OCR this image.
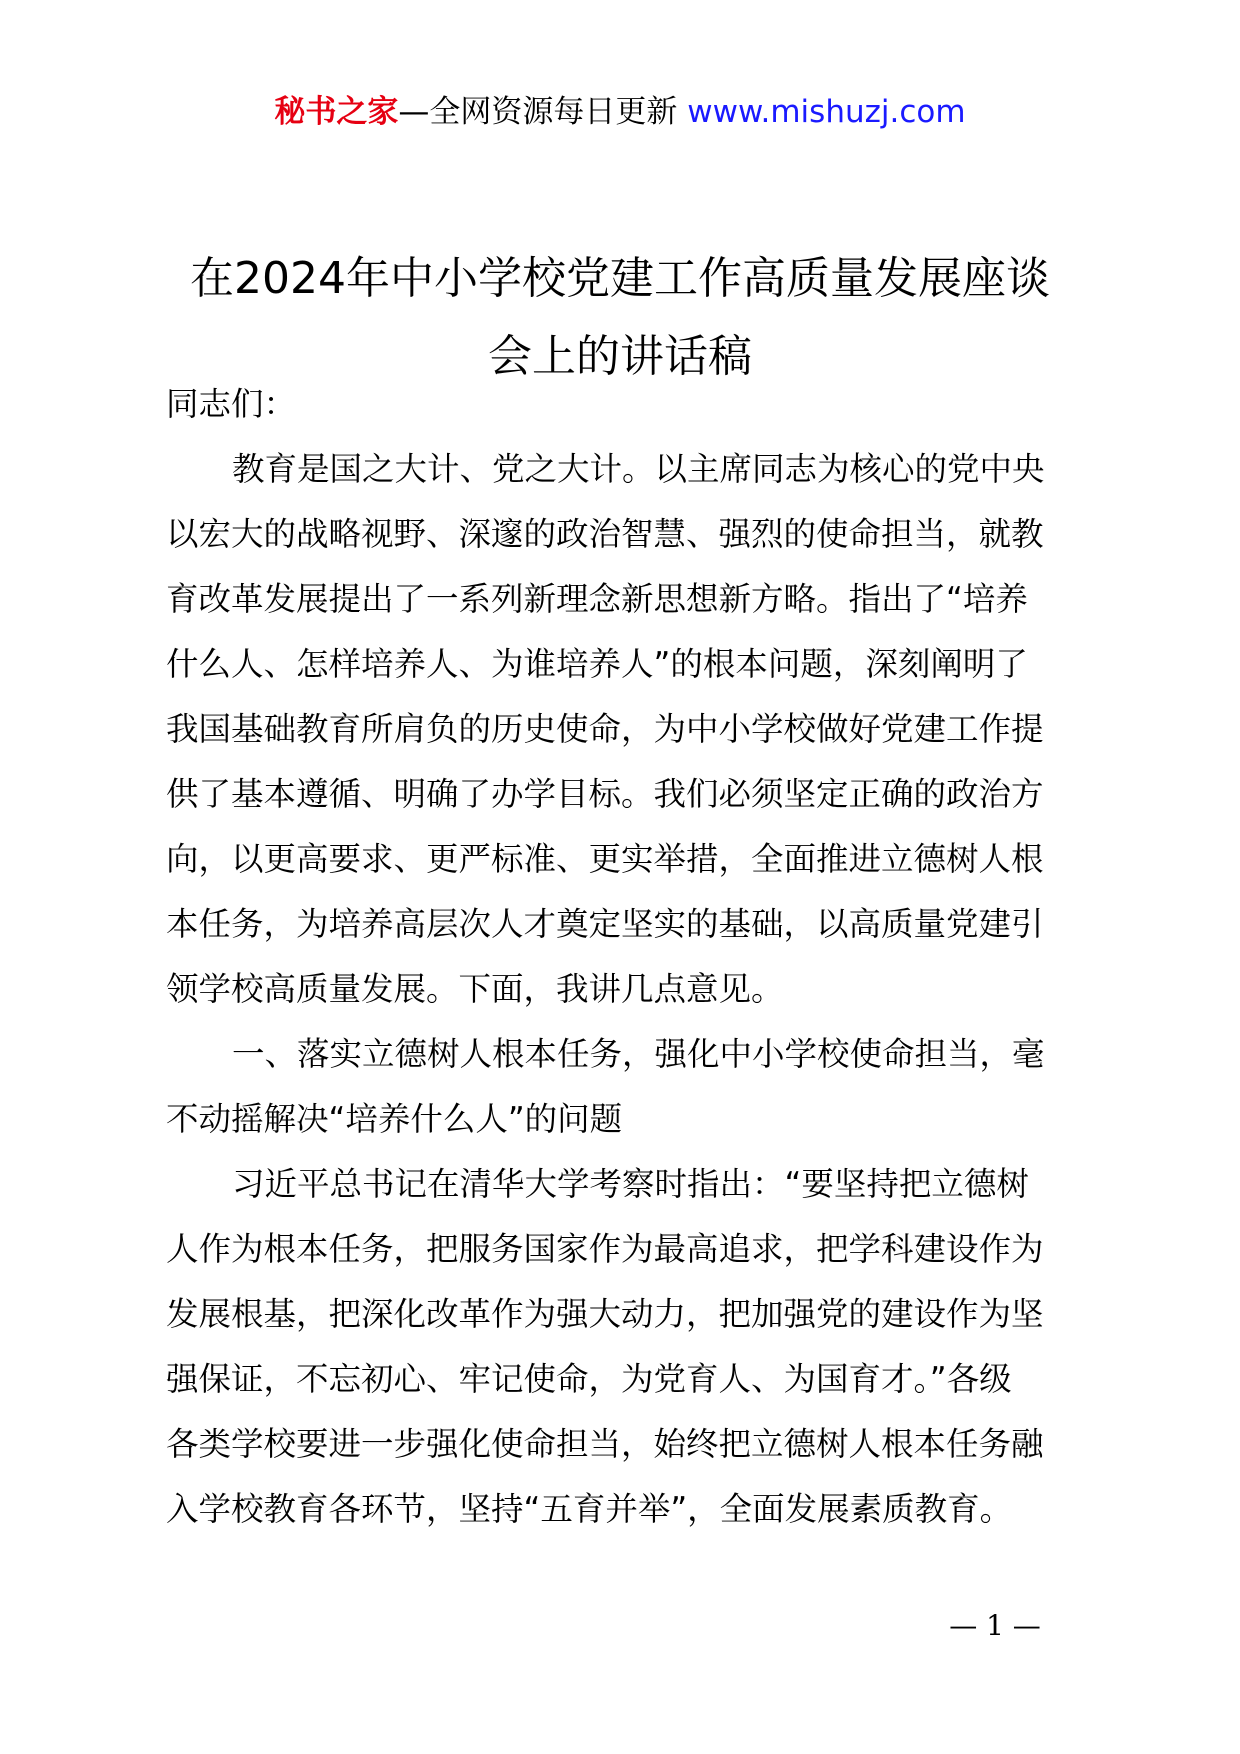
秘书之家—全网资源每日更新 www.mishuzj.com
在2024年中小学校党建工作高质量发展座谈
会上的讲话稿
同志们：
教育是国之大计、党之大计。以主席同志为核心的党中央
以宏大的战略视野、深邃的政治智慧、强烈的使命担当，就教
育改革发展提出了一系列新理念新思想新方略。指出了“培养
什么人、怎样培养人、为谁培养人”的根本问题，深刻阐明了
我国基础教育所肩负的历史使命，为中小学校做好党建工作提
供了基本遵循、明确了办学目标。我们必须坚定正确的政治方
向，以更高要求、更严标准、更实举措，全面推进立德树人根
本任务，为培养高层次人才奠定坚实的基础，以高质量党建引
领学校高质量发展。下面，我讲几点意见。
一、落实立德树人根本任务，强化中小学校使命担当，毫
不动摇解决“培养什么人”的问题
习近平总书记在清华大学考察时指出：“要坚持把立德树
人作为根本任务，把服务国家作为最高追求，把学科建设作为
发展根基，把深化改革作为强大动力，把加强党的建设作为坚
强保证，不忘初心、牢记使命，为党育人、为国育才。”各级
各类学校要进一步强化使命担当，始终把立德树人根本任务融
入学校教育各环节，坚持“五育并举”，全面发展素质教育。
— 1 —
